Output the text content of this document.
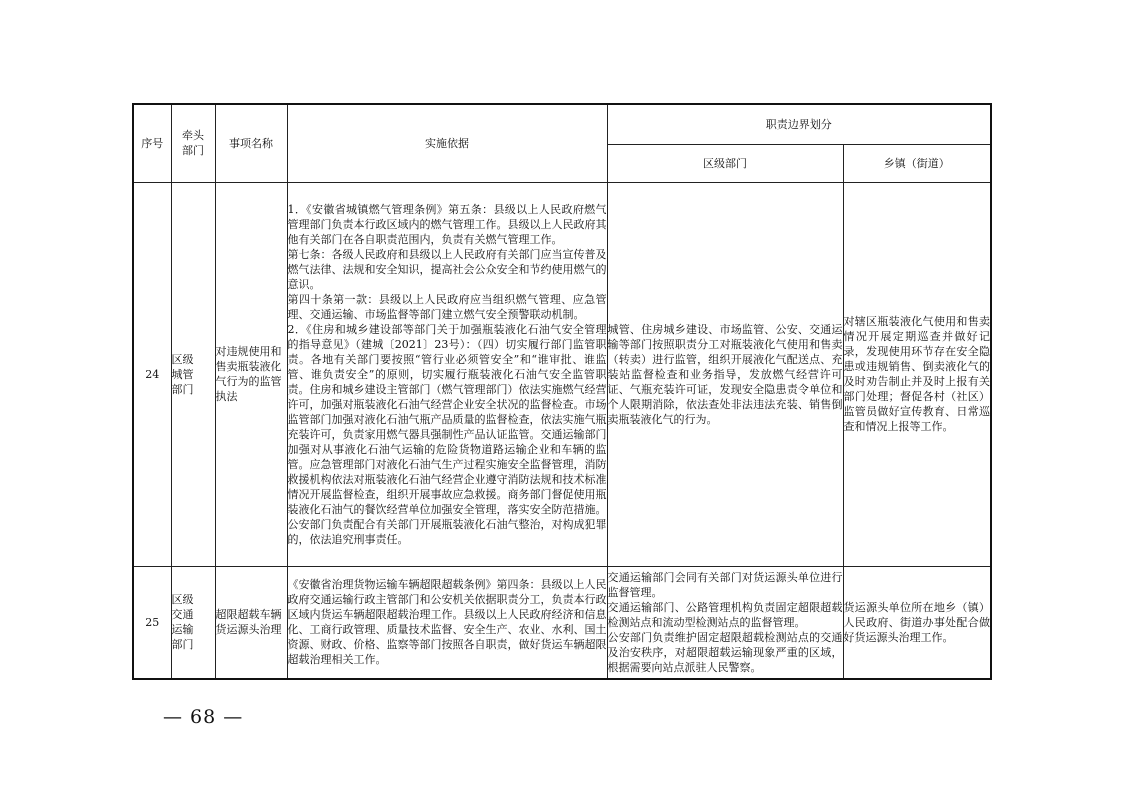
序号	牵头部门	事项名称	实施依据	职责边界划分	
				区级部门	乡镇（街道）
24	区级城管部门	对违规使用和售卖瓶装液化气行为的监管执法	1．《安徽省城镇燃气管理条例》第五条：县级以上人民政府燃气管理部门负责本行政区域内的燃气管理工作。县级以上人民政府其他有关部门在各自职责范围内，负责有关燃气管理工作。
第七条：各级人民政府和县级以上人民政府有关部门应当宣传普及燃气法律、法规和安全知识，提高社会公众安全和节约使用燃气的意识。
第四十条第一款：县级以上人民政府应当组织燃气管理、应急管理、交通运输、市场监督等部门建立燃气安全预警联动机制。
2．《住房和城乡建设部等部门关于加强瓶装液化石油气安全管理的指导意见》（建城〔2021〕23号）：（四）切实履行部门监管职责。各地有关部门要按照“管行业必须管安全”和“谁审批、谁监管、谁负责安全”的原则，切实履行瓶装液化石油气安全监管职责。住房和城乡建设主管部门（燃气管理部门）依法实施燃气经营许可，加强对瓶装液化石油气经营企业安全状况的监督检查。市场监管部门加强对液化石油气瓶产品质量的监督检查，依法实施气瓶充装许可，负责家用燃气器具强制性产品认证监管。交通运输部门加强对从事液化石油气运输的危险货物道路运输企业和车辆的监管。应急管理部门对液化石油气生产过程实施安全监督管理，消防救援机构依法对瓶装液化石油气经营企业遵守消防法规和技术标准情况开展监督检查，组织开展事故应急救援。商务部门督促使用瓶装液化石油气的餐饮经营单位加强安全管理，落实安全防范措施。公安部门负责配合有关部门开展瓶装液化石油气整治，对构成犯罪的，依法追究刑事责任。	城管、住房城乡建设、市场监管、公安、交通运输等部门按照职责分工对瓶装液化气使用和售卖（转卖）进行监管，组织开展液化气配送点、充装站监督检查和业务指导，发放燃气经营许可证、气瓶充装许可证，发现安全隐患责令单位和个人限期消除，依法查处非法违法充装、销售倒卖瓶装液化气的行为。	对辖区瓶装液化气使用和售卖情况开展定期巡查并做好记录，发现使用环节存在安全隐患或违规销售、倒卖液化气的及时劝告制止并及时上报有关部门处理；督促各村（社区）监管员做好宣传教育、日常巡查和情况上报等工作。

25	区级交通运输部门	超限超载车辆货运源头治理	《安徽省治理货物运输车辆超限超载条例》第四条：县级以上人民政府交通运输行政主管部门和公安机关依据职责分工，负责本行政区域内货运车辆超限超载治理工作。县级以上人民政府经济和信息化、工商行政管理、质量技术监督、安全生产、农业、水利、国土资源、财政、价格、监察等部门按照各自职责，做好货运车辆超限超载治理相关工作。	交通运输部门会同有关部门对货运源头单位进行监督管理。
交通运输部门、公路管理机构负责固定超限超载检测站点和流动型检测站点的监督管理。
公安部门负责维护固定超限超载检测站点的交通及治安秩序，对超限超载运输现象严重的区域，根据需要向站点派驻人民警察。	货运源头单位所在地乡（镇）人民政府、街道办事处配合做好货运源头治理工作。
— 68 —
